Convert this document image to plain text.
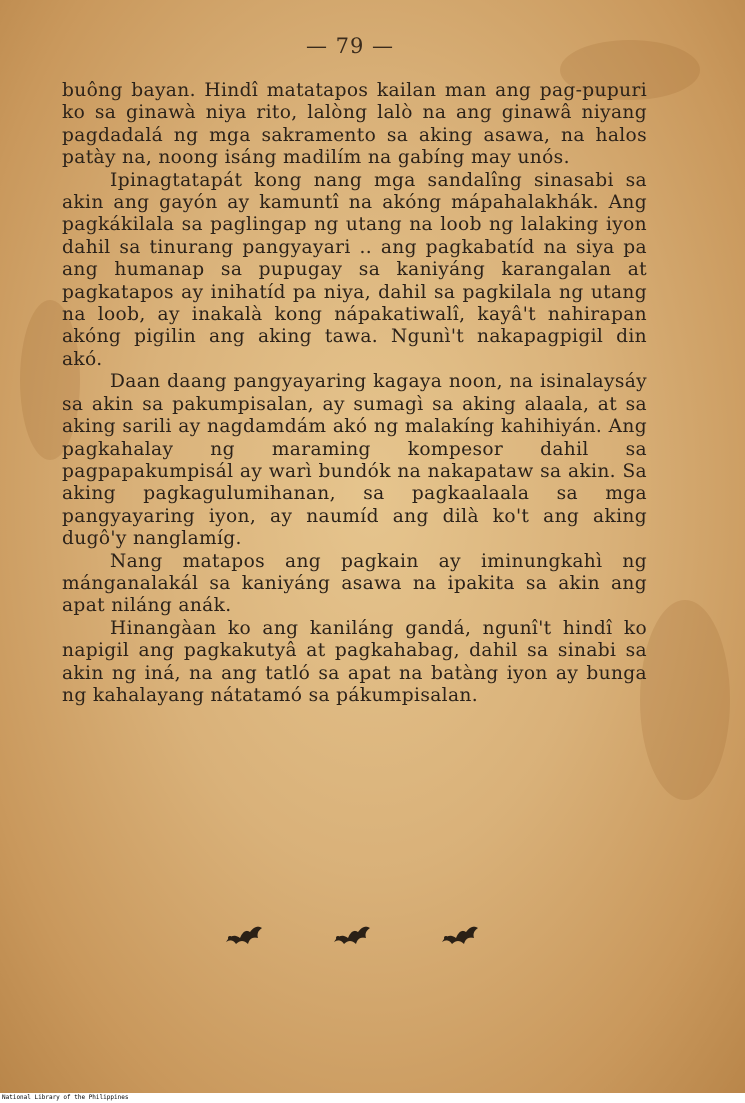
— 79 —

buông bayan. Hindî matatapos kailan man ang pag-pupuri ko sa ginawà niya rito, lalòng lalò na ang ginawâ niyang pagdadalá ng mga sakramento sa aking asawa, na halos patày na, noong isáng madilím na gabíng may unós.

Ipinagtatapát kong nang mga sandalîng sinasabi sa akin ang gayón ay kamuntî na akóng mápahalakhák. Ang pagkákilala sa paglingap ng utang na loob ng lalaking iyon dahil sa tinurang pangyayari .. ang pagkabatíd na siya pa ang humanap sa pupugay sa kaniyáng karangalan at pagkatapos ay inihatíd pa niya, dahil sa pagkilala ng utang na loob, ay inakalà kong nápakatiwalî, kayâ't nahirapan akóng pigilin ang aking tawa. Ngunì't nakapagpigil din akó.

Daan daang pangyayaring kagaya noon, na isinalaysáy sa akin sa pakumpisalan, ay sumagì sa aking alaala, at sa aking sarili ay nagdamdám akó ng malakíng kahihiyán. Ang pagkahalay ng maraming kompesor dahil sa pagpapakumpisál ay warì bundók na nakapataw sa akin. Sa aking pagkagulumihanan, sa pagkaalaala sa mga pangyayaring iyon, ay naumíd ang dilà ko't ang aking dugô'y nanglamíg.

Nang matapos ang pagkain ay iminungkahì ng mánganalakál sa kaniyáng asawa na ipakita sa akin ang apat niláng anák.

Hinangàan ko ang kaniláng gandá, ngunî't hindî ko napigil ang pagkakutyâ at pagkahabag, dahil sa sinabi sa akin ng iná, na ang tatló sa apat na batàng iyon ay bunga ng kahalayang nátatamó sa pákumpisalan.

National Library of the Philippines
